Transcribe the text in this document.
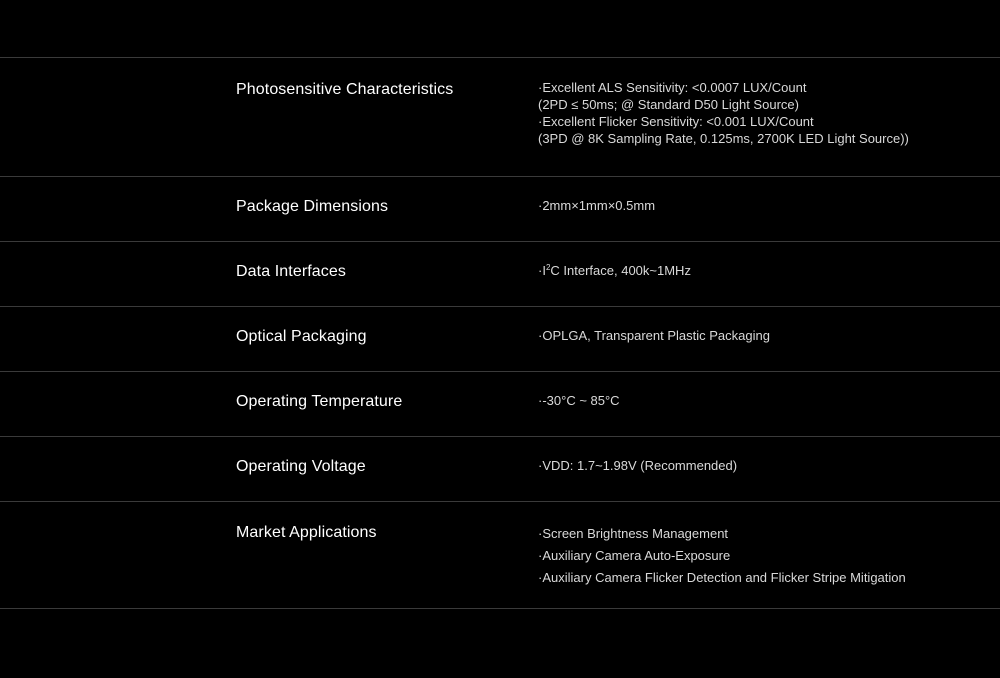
Photosensitive Characteristics	·Excellent ALS Sensitivity: <0.0007 LUX/Count
(2PD ≤ 50ms; @ Standard D50 Light Source)
·Excellent Flicker Sensitivity: <0.001 LUX/Count
(3PD @ 8K Sampling Rate, 0.125ms, 2700K LED Light Source))
Package Dimensions	·2mm×1mm×0.5mm
Data Interfaces	$\cdot I^2C$ Interface, 400k~1MHz
Optical Packaging	·OPLGA, Transparent Plastic Packaging
Operating Temperature	·-30°C ~ 85°C
Operating Voltage	·VDD: 1.7~1.98V (Recommended)
Market Applications	·Screen Brightness Management
·Auxiliary Camera Auto-Exposure
·Auxiliary Camera Flicker Detection and Flicker Stripe Mitigation
